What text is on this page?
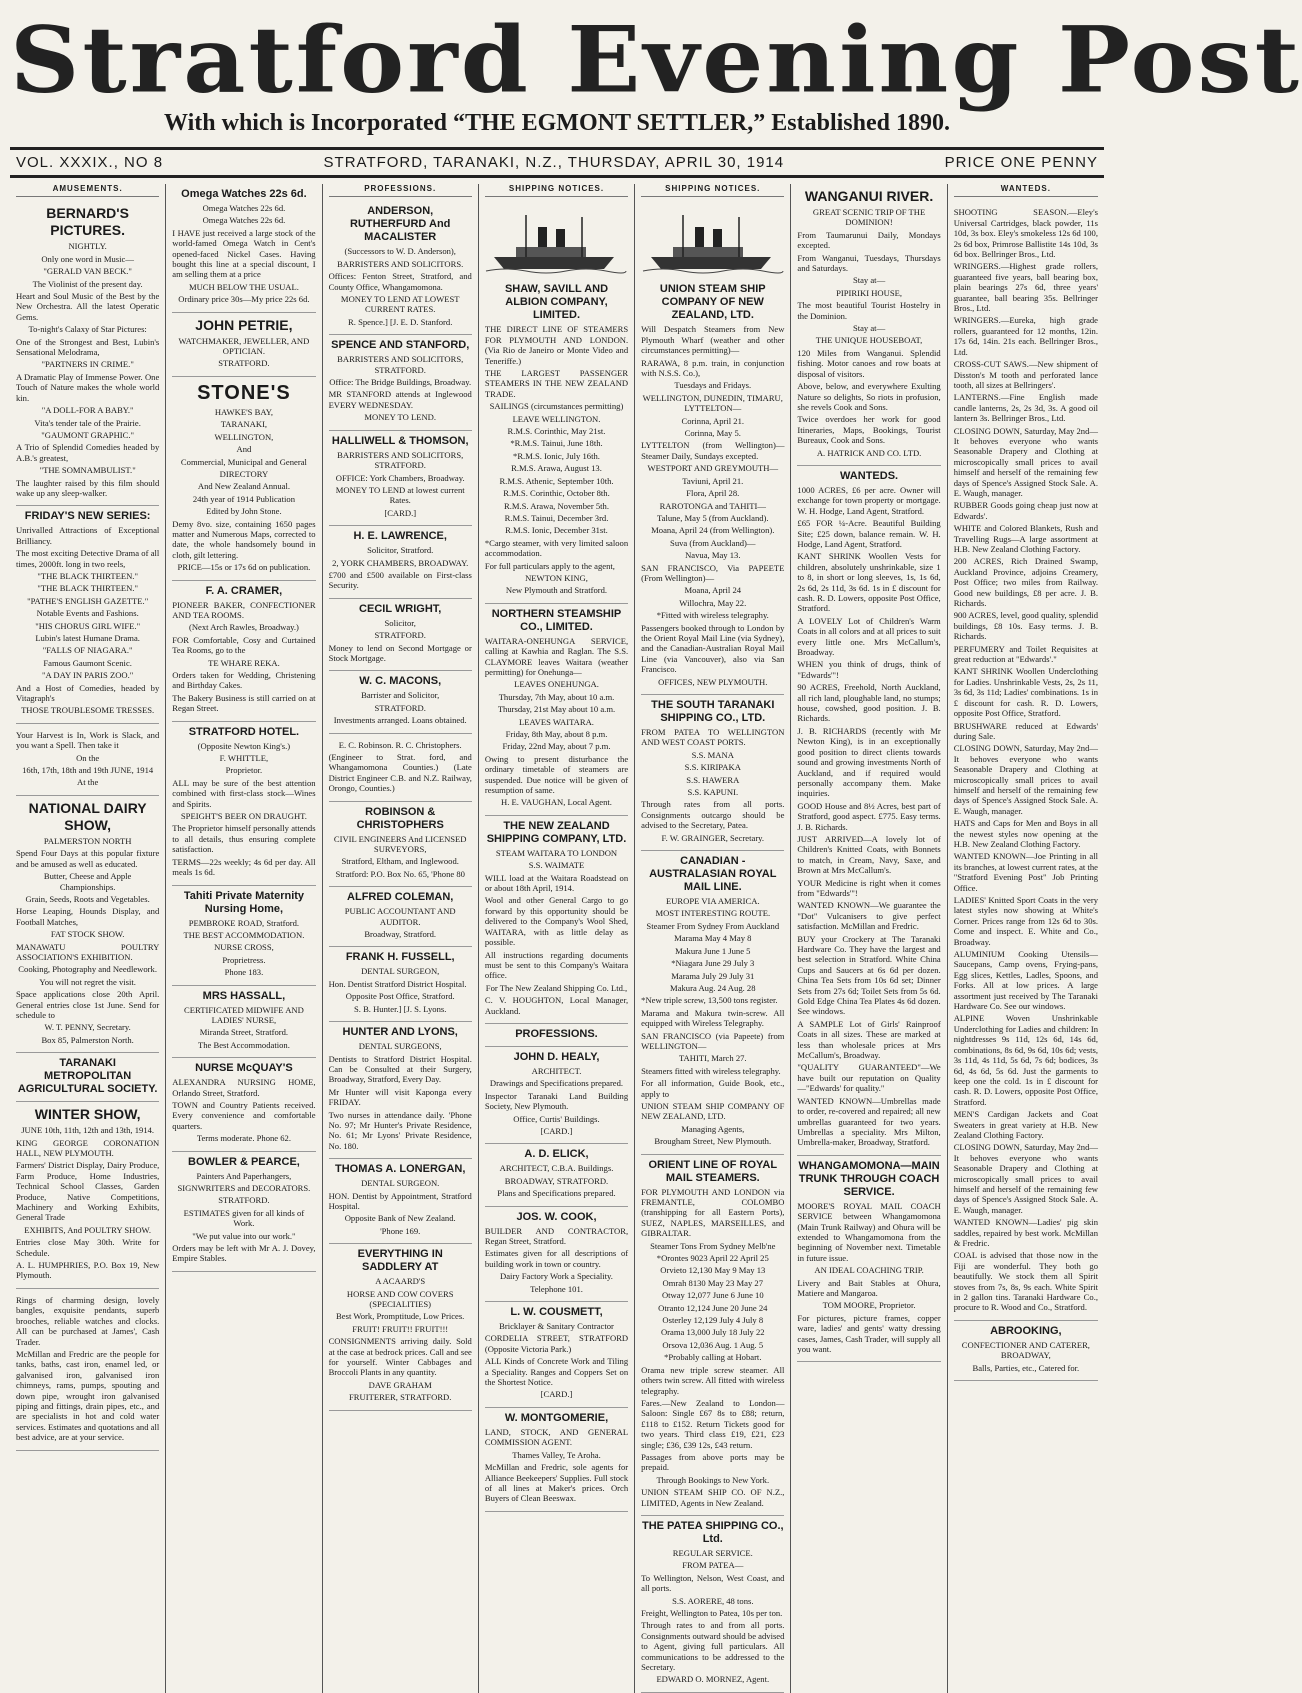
Stratford Evening Post
With which is Incorporated “THE EGMONT SETTLER,” Established 1890.
VOL. XXXIX., NO 8	STRATFORD, TARANAKI, N.Z., THURSDAY, APRIL 30, 1914	PRICE ONE PENNY
AMUSEMENTS.
BERNARD'S PICTURES.
NIGHTLY.
Only one word in Music—
"GERALD VAN BECK."
The Violinist of the present day.
Heart and Soul Music of the Best by the New Orchestra. All the latest Operatic Gems.
To-night's Calaxy of Star Pictures:
One of the Strongest and Best, Lubin's Sensational Melodrama,
"PARTNERS IN CRIME."
A Dramatic Play of Immense Power. One Touch of Nature makes the whole world kin.
"A DOLL-FOR A BABY."
Vita's tender tale of the Prairie.
"GAUMONT GRAPHIC."
A Trio of Splendid Comedies headed by A.B.'s greatest,
"THE SOMNAMBULIST."
The laughter raised by this film should wake up any sleep-walker.
FRIDAY'S NEW SERIES:
Unrivalled Attractions of Exceptional Brilliancy.
The most exciting Detective Drama of all times, 2000ft. long in two reels,
"THE BLACK THIRTEEN."
"THE BLACK THIRTEEN."
"PATHE'S ENGLISH GAZETTE."
Notable Events and Fashions.
"HIS CHORUS GIRL WIFE."
Lubin's latest Humane Drama.
"FALLS OF NIAGARA."
Famous Gaumont Scenic.
"A DAY IN PARIS ZOO."
And a Host of Comedies, headed by Vitagraph's
THOSE TROUBLESOME TRESSES.
Your Harvest is In, Work is Slack, and you want a Spell. Then take it
On the
16th, 17th, 18th and 19th JUNE, 1914
At the
NATIONAL DAIRY SHOW,
PALMERSTON NORTH
Spend Four Days at this popular fixture and be amused as well as educated.
Butter, Cheese and Apple Championships.
Grain, Seeds, Roots and Vegetables.
Horse Leaping, Hounds Display, and Football Matches,
FAT STOCK SHOW.
MANAWATU POULTRY ASSOCIATION'S EXHIBITION.
Cooking, Photography and Needlework.
You will not regret the visit.
Space applications close 20th April. General entries close 1st June. Send for schedule to
W. T. PENNY, Secretary.
Box 85, Palmerston North.
TARANAKI METROPOLITAN AGRICULTURAL SOCIETY.
WINTER SHOW,
JUNE 10th, 11th, 12th and 13th, 1914.
KING GEORGE CORONATION HALL, NEW PLYMOUTH.
Farmers' District Display, Dairy Produce, Farm Produce, Home Industries, Technical School Classes, Garden Produce, Native Competitions, Machinery and Working Exhibits, General Trade
EXHIBITS, And POULTRY SHOW.
Entries close May 30th. Write for Schedule.
A. L. HUMPHRIES, P.O. Box 19, New Plymouth.
Rings of charming design, lovely bangles, exquisite pendants, superb brooches, reliable watches and clocks. All can be purchased at James', Cash Trader.
McMillan and Fredric are the people for tanks, baths, cast iron, enamel led, or galvanised iron, galvanised iron chimneys, rams, pumps, spouting and down pipe, wrought iron galvanised piping and fittings, drain pipes, etc., and are specialists in hot and cold water services. Estimates and quotations and all best advice, are at your service.
Omega Watches 22s 6d.
Omega Watches 22s 6d.
Omega Watches 22s 6d.
I HAVE just received a large stock of the world-famed Omega Watch in Cent's opened-faced Nickel Cases. Having bought this line at a special discount, I am selling them at a price
MUCH BELOW THE USUAL.
Ordinary price 30s—My price 22s 6d.
JOHN PETRIE,
WATCHMAKER, JEWELLER, AND OPTICIAN.
STRATFORD.
STONE'S
HAWKE'S BAY,
TARANAKI,
WELLINGTON,
And
Commercial, Municipal and General
DIRECTORY
And New Zealand Annual.
24th year of 1914 Publication
Edited by John Stone.
Demy 8vo. size, containing 1650 pages matter and Numerous Maps, corrected to date, the whole handsomely bound in cloth, gilt lettering.
PRICE—15s or 17s 6d on publication.
F. A. CRAMER,
PIONEER BAKER, CONFECTIONER AND TEA ROOMS.
(Next Arch Rawles, Broadway.)
FOR Comfortable, Cosy and Curtained Tea Rooms, go to the
TE WHARE REKA.
Orders taken for Wedding, Christening and Birthday Cakes.
The Bakery Business is still carried on at Regan Street.
STRATFORD HOTEL.
(Opposite Newton King's.)
F. WHITTLE,
Proprietor.
ALL may be sure of the best attention combined with first-class stock—Wines and Spirits.
SPEIGHT'S BEER ON DRAUGHT.
The Proprietor himself personally attends to all details, thus ensuring complete satisfaction.
TERMS—22s weekly; 4s 6d per day. All meals 1s 6d.
Tahiti Private Maternity Nursing Home,
PEMBROKE ROAD, Stratford.
THE BEST ACCOMMODATION.
NURSE CROSS,
Proprietress.
Phone 183.
MRS HASSALL,
CERTIFICATED MIDWIFE AND LADIES' NURSE,
Miranda Street, Stratford.
The Best Accommodation.
NURSE McQUAY'S
ALEXANDRA NURSING HOME, Orlando Street, Stratford.
TOWN and Country Patients received. Every convenience and comfortable quarters.
Terms moderate. Phone 62.
BOWLER & PEARCE,
Painters And Paperhangers,
SIGNWRITERS and DECORATORS.
STRATFORD.
ESTIMATES given for all kinds of Work.
"We put value into our work."
Orders may be left with Mr A. J. Dovey, Empire Stables.
PROFESSIONS.
ANDERSON, RUTHERFURD And MACALISTER
(Successors to W. D. Anderson),
BARRISTERS AND SOLICITORS.
Offices: Fenton Street, Stratford, and County Office, Whangamomona.
MONEY TO LEND AT LOWEST CURRENT RATES.
R. Spence.] [J. E. D. Stanford.
SPENCE AND STANFORD,
BARRISTERS AND SOLICITORS, STRATFORD.
Office: The Bridge Buildings, Broadway.
MR STANFORD attends at Inglewood EVERY WEDNESDAY.
MONEY TO LEND.
HALLIWELL & THOMSON,
BARRISTERS AND SOLICITORS, STRATFORD.
OFFICE: York Chambers, Broadway.
MONEY TO LEND at lowest current Rates.
[CARD.]
H. E. LAWRENCE,
Solicitor, Stratford.
2, YORK CHAMBERS, BROADWAY.
£700 and £500 available on First-class Security.
CECIL WRIGHT,
Solicitor,
STRATFORD.
Money to lend on Second Mortgage or Stock Mortgage.
W. C. MACONS,
Barrister and Solicitor,
STRATFORD.
Investments arranged. Loans obtained.
E. C. Robinson. R. C. Christophers.
(Engineer to Strat. ford, and Whangamomona Counties.) (Late District Engineer C.B. and N.Z. Railway, Orongo, Counties.)
ROBINSON & CHRISTOPHERS
CIVIL ENGINEERS And LICENSED SURVEYORS,
Stratford, Eltham, and Inglewood.
Stratford: P.O. Box No. 65, 'Phone 80
ALFRED COLEMAN,
PUBLIC ACCOUNTANT AND AUDITOR.
Broadway, Stratford.
FRANK H. FUSSELL,
DENTAL SURGEON,
Hon. Dentist Stratford District Hospital.
Opposite Post Office, Stratford.
S. B. Hunter.] [J. S. Lyons.
HUNTER AND LYONS,
DENTAL SURGEONS,
Dentists to Stratford District Hospital. Can be Consulted at their Surgery, Broadway, Stratford, Every Day.
Mr Hunter will visit Kaponga every FRIDAY.
Two nurses in attendance daily. 'Phone No. 97; Mr Hunter's Private Residence, No. 61; Mr Lyons' Private Residence, No. 180.
THOMAS A. LONERGAN,
DENTAL SURGEON.
HON. Dentist by Appointment, Stratford Hospital.
Opposite Bank of New Zealand.
'Phone 169.
EVERYTHING IN SADDLERY AT
A ACAARD'S
HORSE AND COW COVERS (SPECIALITIES)
Best Work, Promptitude, Low Prices.
FRUIT! FRUIT!! FRUIT!!!
CONSIGNMENTS arriving daily. Sold at the case at bedrock prices. Call and see for yourself. Winter Cabbages and Broccoli Plants in any quantity.
DAVE GRAHAM
FRUITERER, STRATFORD.
SHIPPING NOTICES.
SHAW, SAVILL AND ALBION COMPANY, LIMITED.
THE DIRECT LINE OF STEAMERS FOR PLYMOUTH AND LONDON. (Via Rio de Janeiro or Monte Video and Teneriffe.)
THE LARGEST PASSENGER STEAMERS IN THE NEW ZEALAND TRADE.
SAILINGS (circumstances permitting)
LEAVE WELLINGTON.
R.M.S. Corinthic, May 21st.
*R.M.S. Tainui, June 18th.
*R.M.S. Ionic, July 16th.
R.M.S. Arawa, August 13.
R.M.S. Athenic, September 10th.
R.M.S. Corinthic, October 8th.
R.M.S. Arawa, November 5th.
R.M.S. Tainui, December 3rd.
R.M.S. Ionic, December 31st.
*Cargo steamer, with very limited saloon accommodation.
For full particulars apply to the agent,
NEWTON KING,
New Plymouth and Stratford.
NORTHERN STEAMSHIP CO., LIMITED.
WAITARA-ONEHUNGA SERVICE, calling at Kawhia and Raglan. The S.S. CLAYMORE leaves Waitara (weather permitting) for Onehunga—
LEAVES ONEHUNGA.
Thursday, 7th May, about 10 a.m.
Thursday, 21st May about 10 a.m.
LEAVES WAITARA.
Friday, 8th May, about 8 p.m.
Friday, 22nd May, about 7 p.m.
Owing to present disturbance the ordinary timetable of steamers are suspended. Due notice will be given of resumption of same.
H. E. VAUGHAN, Local Agent.
THE NEW ZEALAND SHIPPING COMPANY, LTD.
STEAM WAITARA TO LONDON
S.S. WAIMATE
WILL load at the Waitara Roadstead on or about 18th April, 1914.
Wool and other General Cargo to go forward by this opportunity should be delivered to the Company's Wool Shed, WAITARA, with as little delay as possible.
All instructions regarding documents must be sent to this Company's Waitara office.
For The New Zealand Shipping Co. Ltd.,
C. V. HOUGHTON, Local Manager, Auckland.
PROFESSIONS.
JOHN D. HEALY,
ARCHITECT.
Drawings and Specifications prepared.
Inspector Taranaki Land Building Society, New Plymouth.
Office, Curtis' Buildings.
[CARD.]
A. D. ELICK,
ARCHITECT, C.B.A. Buildings.
BROADWAY, STRATFORD.
Plans and Specifications prepared.
JOS. W. COOK,
BUILDER AND CONTRACTOR, Regan Street, Stratford.
Estimates given for all descriptions of building work in town or country.
Dairy Factory Work a Speciality.
Telephone 101.
L. W. COUSMETT,
Bricklayer & Sanitary Contractor
CORDELIA STREET, STRATFORD (Opposite Victoria Park.)
ALL Kinds of Concrete Work and Tiling a Speciality. Ranges and Coppers Set on the Shortest Notice.
[CARD.]
W. MONTGOMERIE,
LAND, STOCK, AND GENERAL COMMISSION AGENT.
Thames Valley, Te Aroha.
McMillan and Fredric, sole agents for Alliance Beekeepers' Supplies. Full stock of all lines at Maker's prices. Orch Buyers of Clean Beeswax.
SHIPPING NOTICES.
UNION STEAM SHIP COMPANY OF NEW ZEALAND, LTD.
Will Despatch Steamers from New Plymouth Wharf (weather and other circumstances permitting)—
RARAWA, 8 p.m. train, in conjunction with N.S.S. Co.),
Tuesdays and Fridays.
WELLINGTON, DUNEDIN, TIMARU, LYTTELTON—
Corinna, April 21.
Corinna, May 5.
LYTTELTON (from Wellington)— Steamer Daily, Sundays excepted.
WESTPORT AND GREYMOUTH—
Taviuni, April 21.
Flora, April 28.
RAROTONGA and TAHITI—
Talune, May 5 (from Auckland).
Moana, April 24 (from Wellington).
Suva (from Auckland)—
Navua, May 13.
SAN FRANCISCO, Via PAPEETE (From Wellington)—
Moana, April 24
Willochra, May 22.
*Fitted with wireless telegraphy.
Passengers booked through to London by the Orient Royal Mail Line (via Sydney), and the Canadian-Australian Royal Mail Line (via Vancouver), also via San Francisco.
OFFICES, NEW PLYMOUTH.
THE SOUTH TARANAKI SHIPPING CO., LTD.
FROM PATEA TO WELLINGTON AND WEST COAST PORTS.
S.S. MANA
S.S. KIRIPAKA
S.S. HAWERA
S.S. KAPUNI.
Through rates from all ports. Consignments outcargo should be advised to the Secretary, Patea.
F. W. GRAINGER, Secretary.
CANADIAN - AUSTRALASIAN ROYAL MAIL LINE.
EUROPE VIA AMERICA.
MOST INTERESTING ROUTE.
Steamer From Sydney From Auckland
Marama May 4 May 8
Makura June 1 June 5
*Niagara June 29 July 3
Marama July 29 July 31
Makura Aug. 24 Aug. 28
*New triple screw, 13,500 tons register.
Marama and Makura twin-screw. All equipped with Wireless Telegraphy.
SAN FRANCISCO (via Papeete) from WELLINGTON—
TAHITI, March 27.
Steamers fitted with wireless telegraphy.
For all information, Guide Book, etc., apply to
UNION STEAM SHIP COMPANY OF NEW ZEALAND, LTD.
Managing Agents,
Brougham Street, New Plymouth.
ORIENT LINE OF ROYAL MAIL STEAMERS.
FOR PLYMOUTH AND LONDON via FREMANTLE, COLOMBO (transhipping for all Eastern Ports), SUEZ, NAPLES, MARSEILLES, and GIBRALTAR.
Steamer Tons From Sydney Melb'ne
*Orontes 9023 April 22 April 25
Orvieto 12,130 May 9 May 13
Omrah 8130 May 23 May 27
Otway 12,077 June 6 June 10
Otranto 12,124 June 20 June 24
Osterley 12,129 July 4 July 8
Orama 13,000 July 18 July 22
Orsova 12,036 Aug. 1 Aug. 5
*Probably calling at Hobart.
Orama new triple screw steamer. All others twin screw. All fitted with wireless telegraphy.
Fares.—New Zealand to London—Saloon: Single £67 8s to £88; return, £118 to £152. Return Tickets good for two years. Third class £19, £21, £23 single; £36, £39 12s, £43 return.
Passages from above ports may be prepaid.
Through Bookings to New York.
UNION STEAM SHIP CO. OF N.Z., LIMITED, Agents in New Zealand.
THE PATEA SHIPPING CO., Ltd.
REGULAR SERVICE.
FROM PATEA—
To Wellington, Nelson, West Coast, and all ports.
S.S. AORERE, 48 tons.
Freight, Wellington to Patea, 10s per ton.
Through rates to and from all ports. Consignments outward should be advised to Agent, giving full particulars. All communications to be addressed to the Secretary.
EDWARD O. MORNEZ, Agent.
WANGANUI RIVER.
GREAT SCENIC TRIP OF THE DOMINION!
From Taumarunui Daily, Mondays excepted.
From Wanganui, Tuesdays, Thursdays and Saturdays.
Stay at—
PIPIRIKI HOUSE,
The most beautiful Tourist Hostelry in the Dominion.
Stay at—
THE UNIQUE HOUSEBOAT,
120 Miles from Wanganui. Splendid fishing. Motor canoes and row boats at disposal of visitors.
Above, below, and everywhere Exulting Nature so delights, So riots in profusion, she revels Cook and Sons.
Twice overdoes her work for good Itineraries, Maps, Bookings, Tourist Bureaux, Cook and Sons.
A. HATRICK AND CO. LTD.
WANTEDS.
1000 ACRES, £6 per acre. Owner will exchange for town property or mortgage. W. H. Hodge, Land Agent, Stratford.
£65 FOR ¼-Acre. Beautiful Building Site; £25 down, balance remain. W. H. Hodge, Land Agent, Stratford.
KANT SHRINK Woollen Vests for children, absolutely unshrinkable, size 1 to 8, in short or long sleeves, 1s, 1s 6d, 2s 6d, 2s 11d, 3s 6d. 1s in £ discount for cash. R. D. Lowers, opposite Post Office, Stratford.
A LOVELY Lot of Children's Warm Coats in all colors and at all prices to suit every little one. Mrs McCallum's, Broadway.
WHEN you think of drugs, think of "Edwards'"!
90 ACRES, Freehold, North Auckland, all rich land, ploughable land, no stumps; house, cowshed, good position. J. B. Richards.
J. B. RICHARDS (recently with Mr Newton King), is in an exceptionally good position to direct clients towards sound and growing investments North of Auckland, and if required would personally accompany them. Make inquiries.
GOOD House and 8½ Acres, best part of Stratford, good aspect. £775. Easy terms. J. B. Richards.
JUST ARRIVED—A lovely lot of Children's Knitted Coats, with Bonnets to match, in Cream, Navy, Saxe, and Brown at Mrs McCallum's.
YOUR Medicine is right when it comes from "Edwards'"!
WANTED KNOWN—We guarantee the "Dot" Vulcanisers to give perfect satisfaction. McMillan and Fredric.
BUY your Crockery at The Taranaki Hardware Co. They have the largest and best selection in Stratford. White China Cups and Saucers at 6s 6d per dozen. China Tea Sets from 10s 6d set; Dinner Sets from 27s 6d; Toilet Sets from 5s 6d. Gold Edge China Tea Plates 4s 6d dozen. See windows.
A SAMPLE Lot of Girls' Rainproof Coats in all sizes. These are marked at less than wholesale prices at Mrs McCallum's, Broadway.
"QUALITY GUARANTEED"—We have built our reputation on Quality—"Edwards' for quality."
WANTED KNOWN—Umbrellas made to order, re-covered and repaired; all new umbrellas guaranteed for two years. Umbrellas a speciality. Mrs Milton, Umbrella-maker, Broadway, Stratford.
WHANGAMOMONA—MAIN TRUNK THROUGH COACH SERVICE.
MOORE'S ROYAL MAIL COACH SERVICE between Whangamomona (Main Trunk Railway) and Ohura will be extended to Whangamomona from the beginning of November next. Timetable in future issue.
AN IDEAL COACHING TRIP.
Livery and Bait Stables at Ohura, Matiere and Mangaroa.
TOM MOORE, Proprietor.
For pictures, picture frames, copper ware, ladies' and gents' watty dressing cases, James, Cash Trader, will supply all you want.
WANTEDS.
SHOOTING SEASON.—Eley's Universal Cartridges, black powder, 11s 10d, 3s box. Eley's smokeless 12s 6d 100, 2s 6d box, Primrose Ballistite 14s 10d, 3s 6d box. Bellringer Bros., Ltd.
WRINGERS.—Highest grade rollers, guaranteed five years, ball bearing box, plain bearings 27s 6d, three years' guarantee, ball bearing 35s. Bellringer Bros., Ltd.
WRINGERS.—Eureka, high grade rollers, guaranteed for 12 months, 12in. 17s 6d, 14in. 21s each. Bellringer Bros., Ltd.
CROSS-CUT SAWS.—New shipment of Disston's M tooth and perforated lance tooth, all sizes at Bellringers'.
LANTERNS.—Fine English made candle lanterns, 2s, 2s 3d, 3s. A good oil lantern 3s. Bellringer Bros., Ltd.
CLOSING DOWN, Saturday, May 2nd—It behoves everyone who wants Seasonable Drapery and Clothing at microscopically small prices to avail himself and herself of the remaining few days of Spence's Assigned Stock Sale. A. E. Waugh, manager.
RUBBER Goods going cheap just now at Edwards'.
WHITE and Colored Blankets, Rush and Travelling Rugs—A large assortment at H.B. New Zealand Clothing Factory.
200 ACRES, Rich Drained Swamp, Auckland Province, adjoins Creamery, Post Office; two miles from Railway. Good new buildings, £8 per acre. J. B. Richards.
900 ACRES, level, good quality, splendid buildings, £8 10s. Easy terms. J. B. Richards.
PERFUMERY and Toilet Requisites at great reduction at "Edwards'."
KANT SHRINK Woollen Underclothing for Ladies. Unshrinkable Vests, 2s, 2s 11, 3s 6d, 3s 11d; Ladies' combinations. 1s in £ discount for cash. R. D. Lowers, opposite Post Office, Stratford.
BRUSHWARE reduced at Edwards' during Sale.
CLOSING DOWN, Saturday, May 2nd—It behoves everyone who wants Seasonable Drapery and Clothing at microscopically small prices to avail himself and herself of the remaining few days of Spence's Assigned Stock Sale. A. E. Waugh, manager.
HATS and Caps for Men and Boys in all the newest styles now opening at the H.B. New Zealand Clothing Factory.
WANTED KNOWN—Joe Printing in all its branches, at lowest current rates, at the "Stratford Evening Post" Job Printing Office.
LADIES' Knitted Sport Coats in the very latest styles now showing at White's Corner. Prices range from 12s 6d to 30s. Come and inspect. E. White and Co., Broadway.
ALUMINIUM Cooking Utensils—Saucepans, Camp ovens, Frying-pans, Egg slices, Kettles, Ladles, Spoons, and Forks. All at low prices. A large assortment just received by The Taranaki Hardware Co. See our windows.
ALPINE Woven Unshrinkable Underclothing for Ladies and children: In nightdresses 9s 11d, 12s 6d, 14s 6d, combinations, 8s 6d, 9s 6d, 10s 6d; vests, 3s 11d, 4s 11d, 5s 6d, 7s 6d; bodices, 3s 6d, 4s 6d, 5s 6d. Just the garments to keep one the cold. 1s in £ discount for cash. R. D. Lowers, opposite Post Office, Stratford.
MEN'S Cardigan Jackets and Coat Sweaters in great variety at H.B. New Zealand Clothing Factory.
CLOSING DOWN, Saturday, May 2nd—It behoves everyone who wants Seasonable Drapery and Clothing at microscopically small prices to avail himself and herself of the remaining few days of Spence's Assigned Stock Sale. A. E. Waugh, manager.
WANTED KNOWN—Ladies' pig skin saddles, repaired by best work. McMillan & Fredric.
COAL is advised that those now in the Fiji are wonderful. They both go beautifully. We stock them all Spirit stoves from 7s, 8s, 9s each. White Spirit in 2 gallon tins. Taranaki Hardware Co., procure to R. Wood and Co., Stratford.
ABROOKING,
CONFECTIONER AND CATERER, BROADWAY,
Balls, Parties, etc., Catered for.
